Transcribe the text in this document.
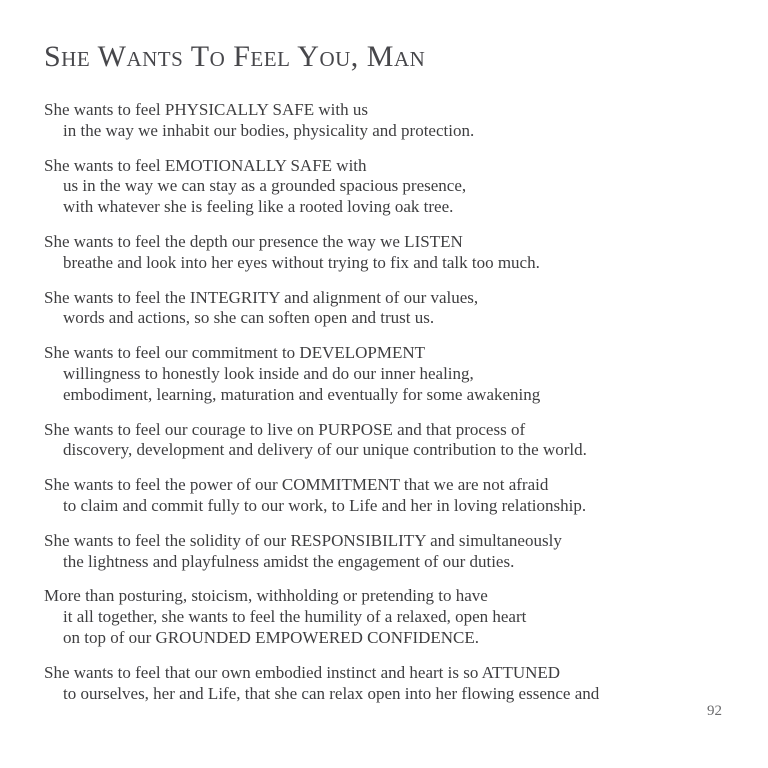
She Wants To Feel You, Man
She wants to feel PHYSICALLY SAFE with us
in the way we inhabit our bodies, physicality and protection.
She wants to feel EMOTIONALLY SAFE with
us in the way we can stay as a grounded spacious presence,
with whatever she is feeling like a rooted loving oak tree.
She wants to feel the depth our presence the way we LISTEN
breathe and look into her eyes without trying to fix and talk too much.
She wants to feel the INTEGRITY and alignment of our values,
words and actions, so she can soften open and trust us.
She wants to feel our commitment to DEVELOPMENT
willingness to honestly look inside and do our inner healing,
embodiment, learning, maturation and eventually for some awakening
She wants to feel our courage to live on PURPOSE and that process of
discovery, development and delivery of our unique contribution to the world.
She wants to feel the power of our COMMITMENT that we are not afraid
to claim and commit fully to our work, to Life and her in loving relationship.
She wants to feel the solidity of our RESPONSIBILITY and simultaneously
the lightness and playfulness amidst the engagement of our duties.
More than posturing, stoicism, withholding or pretending to have
it all together, she wants to feel the humility of a relaxed, open heart
on top of our GROUNDED EMPOWERED CONFIDENCE.
She wants to feel that our own embodied instinct and heart is so ATTUNED
to ourselves, her and Life, that she can relax open into her flowing essence and
92
